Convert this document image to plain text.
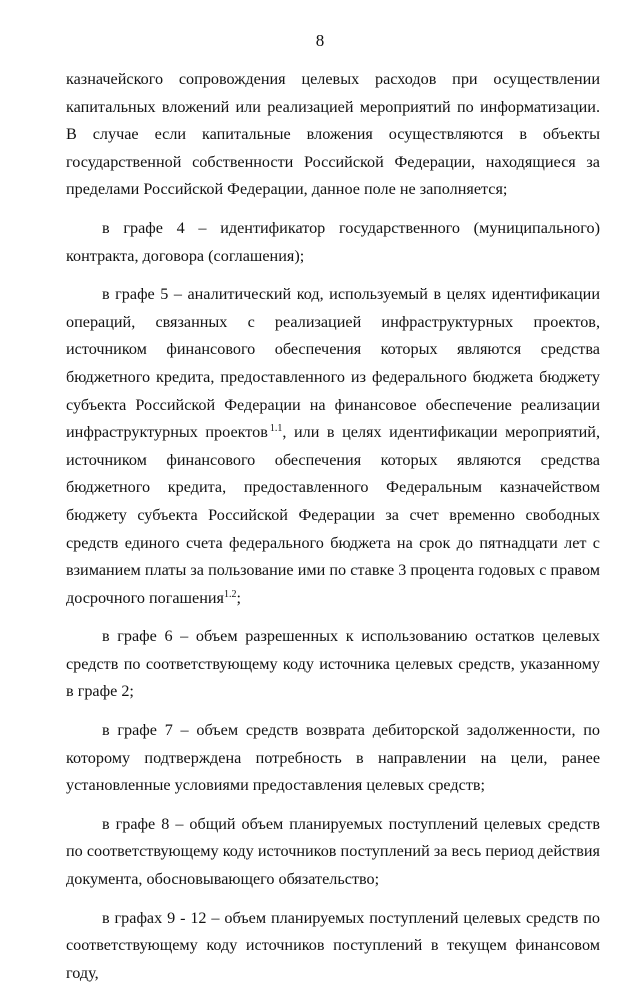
8

казначейского сопровождения целевых расходов при осуществлении капитальных вложений или реализацией мероприятий по информатизации. В случае если капитальные вложения осуществляются в объекты государственной собственности Российской Федерации, находящиеся за пределами Российской Федерации, данное поле не заполняется;

в графе 4 – идентификатор государственного (муниципального) контракта, договора (соглашения);

в графе 5 – аналитический код, используемый в целях идентификации операций, связанных с реализацией инфраструктурных проектов, источником финансового обеспечения которых являются средства бюджетного кредита, предоставленного из федерального бюджета бюджету субъекта Российской Федерации на финансовое обеспечение реализации инфраструктурных проектов $^{1.1}$, или в целях идентификации мероприятий, источником финансового обеспечения которых являются средства бюджетного кредита, предоставленного Федеральным казначейством бюджету субъекта Российской Федерации за счет временно свободных средств единого счета федерального бюджета на срок до пятнадцати лет с взиманием платы за пользование ими по ставке 3 процента годовых с правом досрочного погашения$^{1.2}$;

в графе 6 – объем разрешенных к использованию остатков целевых средств по соответствующему коду источника целевых средств, указанному в графе 2;

в графе 7 – объем средств возврата дебиторской задолженности, по которому подтверждена потребность в направлении на цели, ранее установленные условиями предоставления целевых средств;

в графе 8 – общий объем планируемых поступлений целевых средств по соответствующему коду источников поступлений за весь период действия документа, обосновывающего обязательство;

в графах 9 - 12 – объем планируемых поступлений целевых средств по соответствующему коду источников поступлений в текущем финансовом году,
